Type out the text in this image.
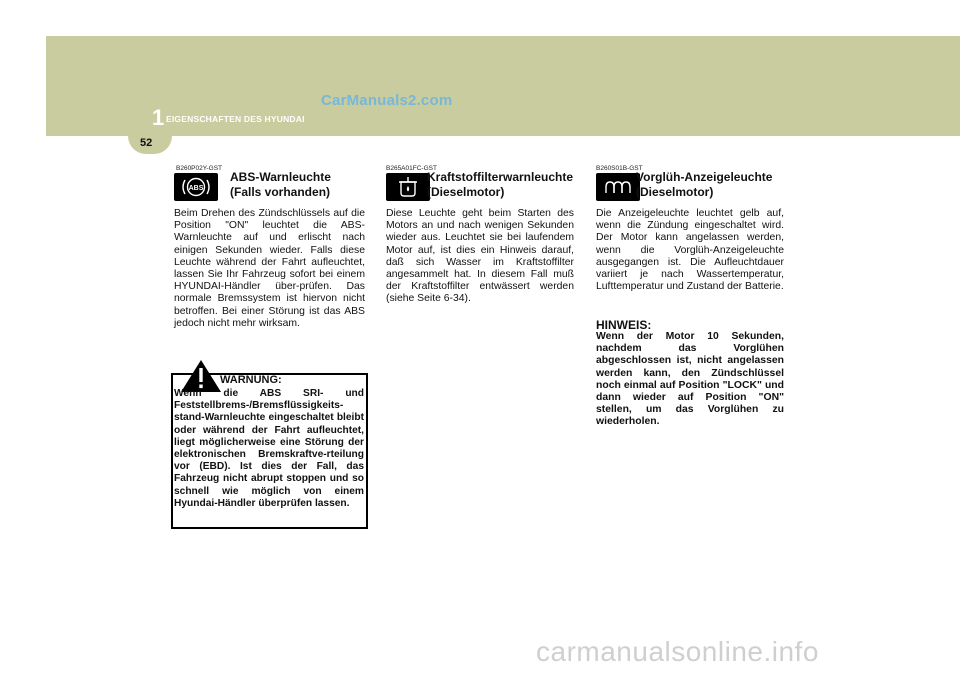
52
CarManuals2.com
1 EIGENSCHAFTEN DES HYUNDAI
B260P02Y-GST
ABS
ABS-Warnleuchte
(Falls vorhanden)
Beim Drehen des Zündschlüssels auf die Position "ON" leuchtet die ABS-Warnleuchte auf und erlischt nach einigen Sekunden wieder. Falls diese Leuchte während der Fahrt aufleuchtet, lassen Sie Ihr Fahrzeug sofort bei einem HYUNDAI-Händler über-prüfen. Das normale Bremssystem ist hiervon nicht betroffen. Bei einer Störung ist das ABS jedoch nicht mehr wirksam.
WARNUNG:
Wenn die ABS SRI- und Feststellbrems-/Bremsflüssigkeits-stand-Warnleuchte eingeschaltet bleibt oder während der Fahrt aufleuchtet, liegt möglicherweise eine Störung der elektronischen Bremskraftve-rteilung vor (EBD). Ist dies der Fall, das Fahrzeug nicht abrupt stoppen und so schnell wie möglich von einem Hyundai-Händler überprüfen lassen.
B265A01FC-GST
Kraftstoffilterwarnleuchte
(Dieselmotor)
Diese Leuchte geht beim Starten des Motors an und nach wenigen Sekunden wieder aus. Leuchtet sie bei laufendem Motor auf, ist dies ein Hinweis darauf, daß sich Wasser im Kraftstoffilter angesammelt hat. In diesem Fall muß der Kraftstoffilter entwässert werden (siehe Seite 6-34).
B260S01B-GST
Vorglüh-Anzeigeleuchte
(Dieselmotor)
Die Anzeigeleuchte leuchtet gelb auf, wenn die Zündung eingeschaltet wird. Der Motor kann angelassen werden, wenn die Vorglüh-Anzeigeleuchte ausgegangen ist. Die Aufleuchtdauer variiert je nach Wassertemperatur, Lufttemperatur und Zustand der Batterie.
HINWEIS:
Wenn der Motor 10 Sekunden, nachdem das Vorglühen abgeschlossen ist, nicht angelassen werden kann, den Zündschlüssel noch einmal auf Position "LOCK" und dann wieder auf Position "ON" stellen, um das Vorglühen zu wiederholen.
carmanualsonline.info
